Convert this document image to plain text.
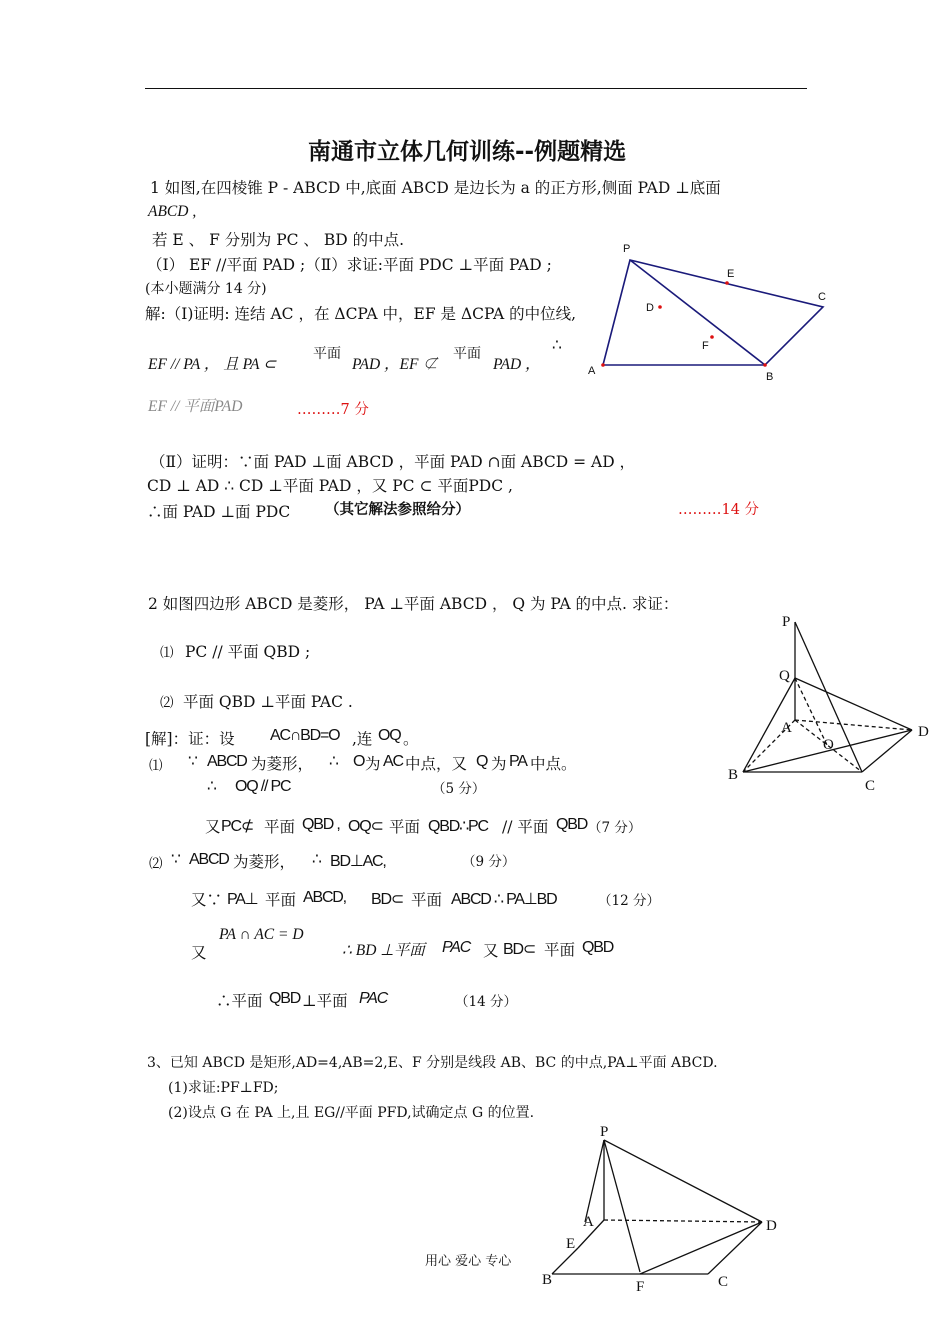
南通市立体几何训练--例题精选
1 如图,在四棱锥 P - ABCD 中,底面 ABCD 是边长为 a 的正方形,侧面 PAD ⊥底面
ABCD ,
若 E 、 F 分别为 PC 、 BD 的中点.
（Ⅰ） EF //平面 PAD ;（Ⅱ）求证:平面 PDC ⊥平面 PAD ;
(本小题满分 14 分)
解:（Ⅰ)证明: 连结 AC ，在 ΔCPA 中，EF 是 ΔCPA 的中位线,
EF // PA ， 且 PA ⊂
平面
PAD ，EF ⊄
平面
PAD ，
∴
EF // 平面PAD	………7 分
（Ⅱ）证明：∵面 PAD ⊥面 ABCD ，平面 PAD ∩面 ABCD = AD ，
CD ⊥ AD ∴ CD ⊥平面 PAD ，又 PC ⊂ 平面PDC ,
∴面 PAD ⊥面 PDC （其它解法参照给分）	………14 分
P
E
C
D
F
A	B
2 如图四边形 ABCD 是菱形， PA ⊥平面 ABCD ， Q 为 PA 的中点. 求证：
⑴ PC // 平面 QBD ;
⑵ 平面 QBD ⊥平面 PAC .
[解]：证：设 AC∩BD=O ,连 OQ 。
⑴ ∵ ABCD 为菱形， ∴ O 为 AC 中点，又 Q 为 PA 中点。
∴ OQ // PC	（5 分）
又 PC⊄ 平面 QBD , OQ⊂ 平面 QBD∴PC // 平面 QBD （7 分）
⑵ ∵ ABCD 为菱形， ∴ BD⊥AC,	（9 分）
又∵ PA⊥ 平面 ABCD, BD⊂ 平面 ABCD ∴ PA⊥BD	（12 分）
PA ∩ AC = D
又	∴ BD ⊥平面 PAC 又 BD⊂ 平面 QBD
∴平面 QBD ⊥平面 PAC	（14 分）
P
Q
A
O
D
B
C
3、已知 ABCD 是矩形,AD=4,AB=2,E、F 分别是线段 AB、BC 的中点,PA⊥平面 ABCD.
(1)求证:PF⊥FD;
(2)设点 G 在 PA 上,且 EG//平面 PFD,试确定点 G 的位置.
P
A	D
E
B	F	C
用心 爱心 专心
